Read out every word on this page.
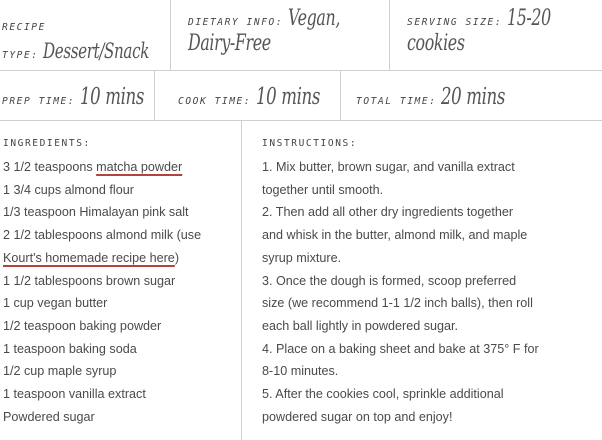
RECIPE
TYPE: Dessert/Snack
DIETARY INFO: Vegan,
Dairy-Free
SERVING SIZE: 15-20
cookies
PREP TIME: 10 mins	COOK TIME: 10 mins	TOTAL TIME: 20 mins
INGREDIENTS:
3 1/2 teaspoons matcha powder
1 3/4 cups almond flour
1/3 teaspoon Himalayan pink salt
2 1/2 tablespoons almond milk (use
Kourt's homemade recipe here)
1 1/2 tablespoons brown sugar
1 cup vegan butter
1/2 teaspoon baking powder
1 teaspoon baking soda
1/2 cup maple syrup
1 teaspoon vanilla extract
Powdered sugar
INSTRUCTIONS:
1. Mix butter, brown sugar, and vanilla extract
together until smooth.
2. Then add all other dry ingredients together
and whisk in the butter, almond milk, and maple
syrup mixture.
3. Once the dough is formed, scoop preferred
size (we recommend 1-1 1/2 inch balls), then roll
each ball lightly in powdered sugar.
4. Place on a baking sheet and bake at 375° F for
8-10 minutes.
5. After the cookies cool, sprinkle additional
powdered sugar on top and enjoy!
